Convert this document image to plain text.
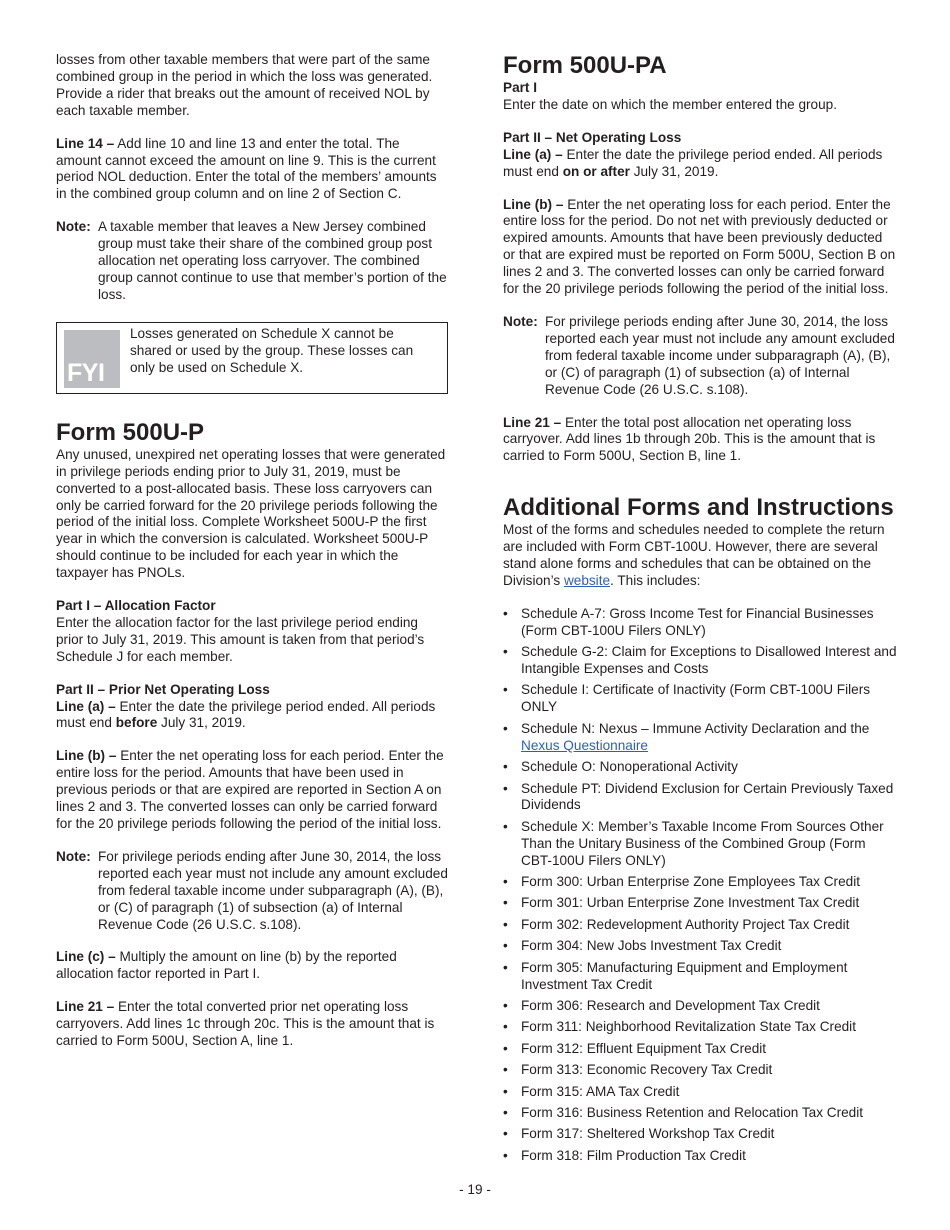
losses from other taxable members that were part of the same combined group in the period in which the loss was generated. Provide a rider that breaks out the amount of received NOL by each taxable member.

Line 14 – Add line 10 and line 13 and enter the total. The amount cannot exceed the amount on line 9. This is the current period NOL deduction. Enter the total of the members’ amounts in the combined group column and on line 2 of Section C.

Note: A taxable member that leaves a New Jersey combined group must take their share of the combined group post allocation net operating loss carryover. The combined group cannot continue to use that member’s portion of the loss.
FYI
Losses generated on Schedule X cannot be shared or used by the group. These losses can only be used on Schedule X.
Form 500U-P

Any unused, unexpired net operating losses that were generated in privilege periods ending prior to July 31, 2019, must be converted to a post-allocated basis. These loss carryovers can only be carried forward for the 20 privilege periods following the period of the initial loss. Complete Worksheet 500U-P the first year in which the conversion is calculated. Worksheet 500U-P should continue to be included for each year in which the taxpayer has PNOLs.

Part I – Allocation Factor

Enter the allocation factor for the last privilege period ending prior to July 31, 2019. This amount is taken from that period’s Schedule J for each member.

Part II – Prior Net Operating Loss

Line (a) – Enter the date the privilege period ended. All periods must end before July 31, 2019.

Line (b) – Enter the net operating loss for each period. Enter the entire loss for the period. Amounts that have been used in previous periods or that are expired are reported in Section A on lines 2 and 3. The converted losses can only be carried forward for the 20 privilege periods following the period of the initial loss.

Note: For privilege periods ending after June 30, 2014, the loss reported each year must not include any amount excluded from federal taxable income under subparagraph (A), (B), or (C) of paragraph (1) of subsection (a) of Internal Revenue Code (26 U.S.C. s.108).

Line (c) – Multiply the amount on line (b) by the reported allocation factor reported in Part I.

Line 21 – Enter the total converted prior net operating loss carryovers. Add lines 1c through 20c. This is the amount that is carried to Form 500U, Section A, line 1.

Form 500U-PA
Part I

Enter the date on which the member entered the group.

Part II – Net Operating Loss

Line (a) – Enter the date the privilege period ended. All periods must end on or after July 31, 2019.

Line (b) – Enter the net operating loss for each period. Enter the entire loss for the period. Do not net with previously deducted or expired amounts. Amounts that have been previously deducted or that are expired must be reported on Form 500U, Section B on lines 2 and 3. The converted losses can only be carried forward for the 20 privilege periods following the period of the initial loss.

Note: For privilege periods ending after June 30, 2014, the loss reported each year must not include any amount excluded from federal taxable income under subparagraph (A), (B), or (C) of paragraph (1) of subsection (a) of Internal Revenue Code (26 U.S.C. s.108).

Line 21 – Enter the total post allocation net operating loss carryover. Add lines 1b through 20b. This is the amount that is carried to Form 500U, Section B, line 1.

Additional Forms and Instructions

Most of the forms and schedules needed to complete the return are included with Form CBT-100U. However, there are several stand alone forms and schedules that can be obtained on the Division’s website. This includes:

• Schedule A-7: Gross Income Test for Financial Businesses (Form CBT-100U Filers ONLY)
• Schedule G-2: Claim for Exceptions to Disallowed Interest and Intangible Expenses and Costs
• Schedule I: Certificate of Inactivity (Form CBT-100U Filers ONLY
• Schedule N: Nexus – Immune Activity Declaration and the Nexus Questionnaire
• Schedule O: Nonoperational Activity
• Schedule PT: Dividend Exclusion for Certain Previously Taxed Dividends
• Schedule X: Member’s Taxable Income From Sources Other Than the Unitary Business of the Combined Group (Form CBT-100U Filers ONLY)
• Form 300: Urban Enterprise Zone Employees Tax Credit
• Form 301: Urban Enterprise Zone Investment Tax Credit
• Form 302: Redevelopment Authority Project Tax Credit
• Form 304: New Jobs Investment Tax Credit
• Form 305: Manufacturing Equipment and Employment Investment Tax Credit
• Form 306: Research and Development Tax Credit
• Form 311: Neighborhood Revitalization State Tax Credit
• Form 312: Effluent Equipment Tax Credit
• Form 313: Economic Recovery Tax Credit
• Form 315: AMA Tax Credit
• Form 316: Business Retention and Relocation Tax Credit
• Form 317: Sheltered Workshop Tax Credit
• Form 318: Film Production Tax Credit
- 19 -
